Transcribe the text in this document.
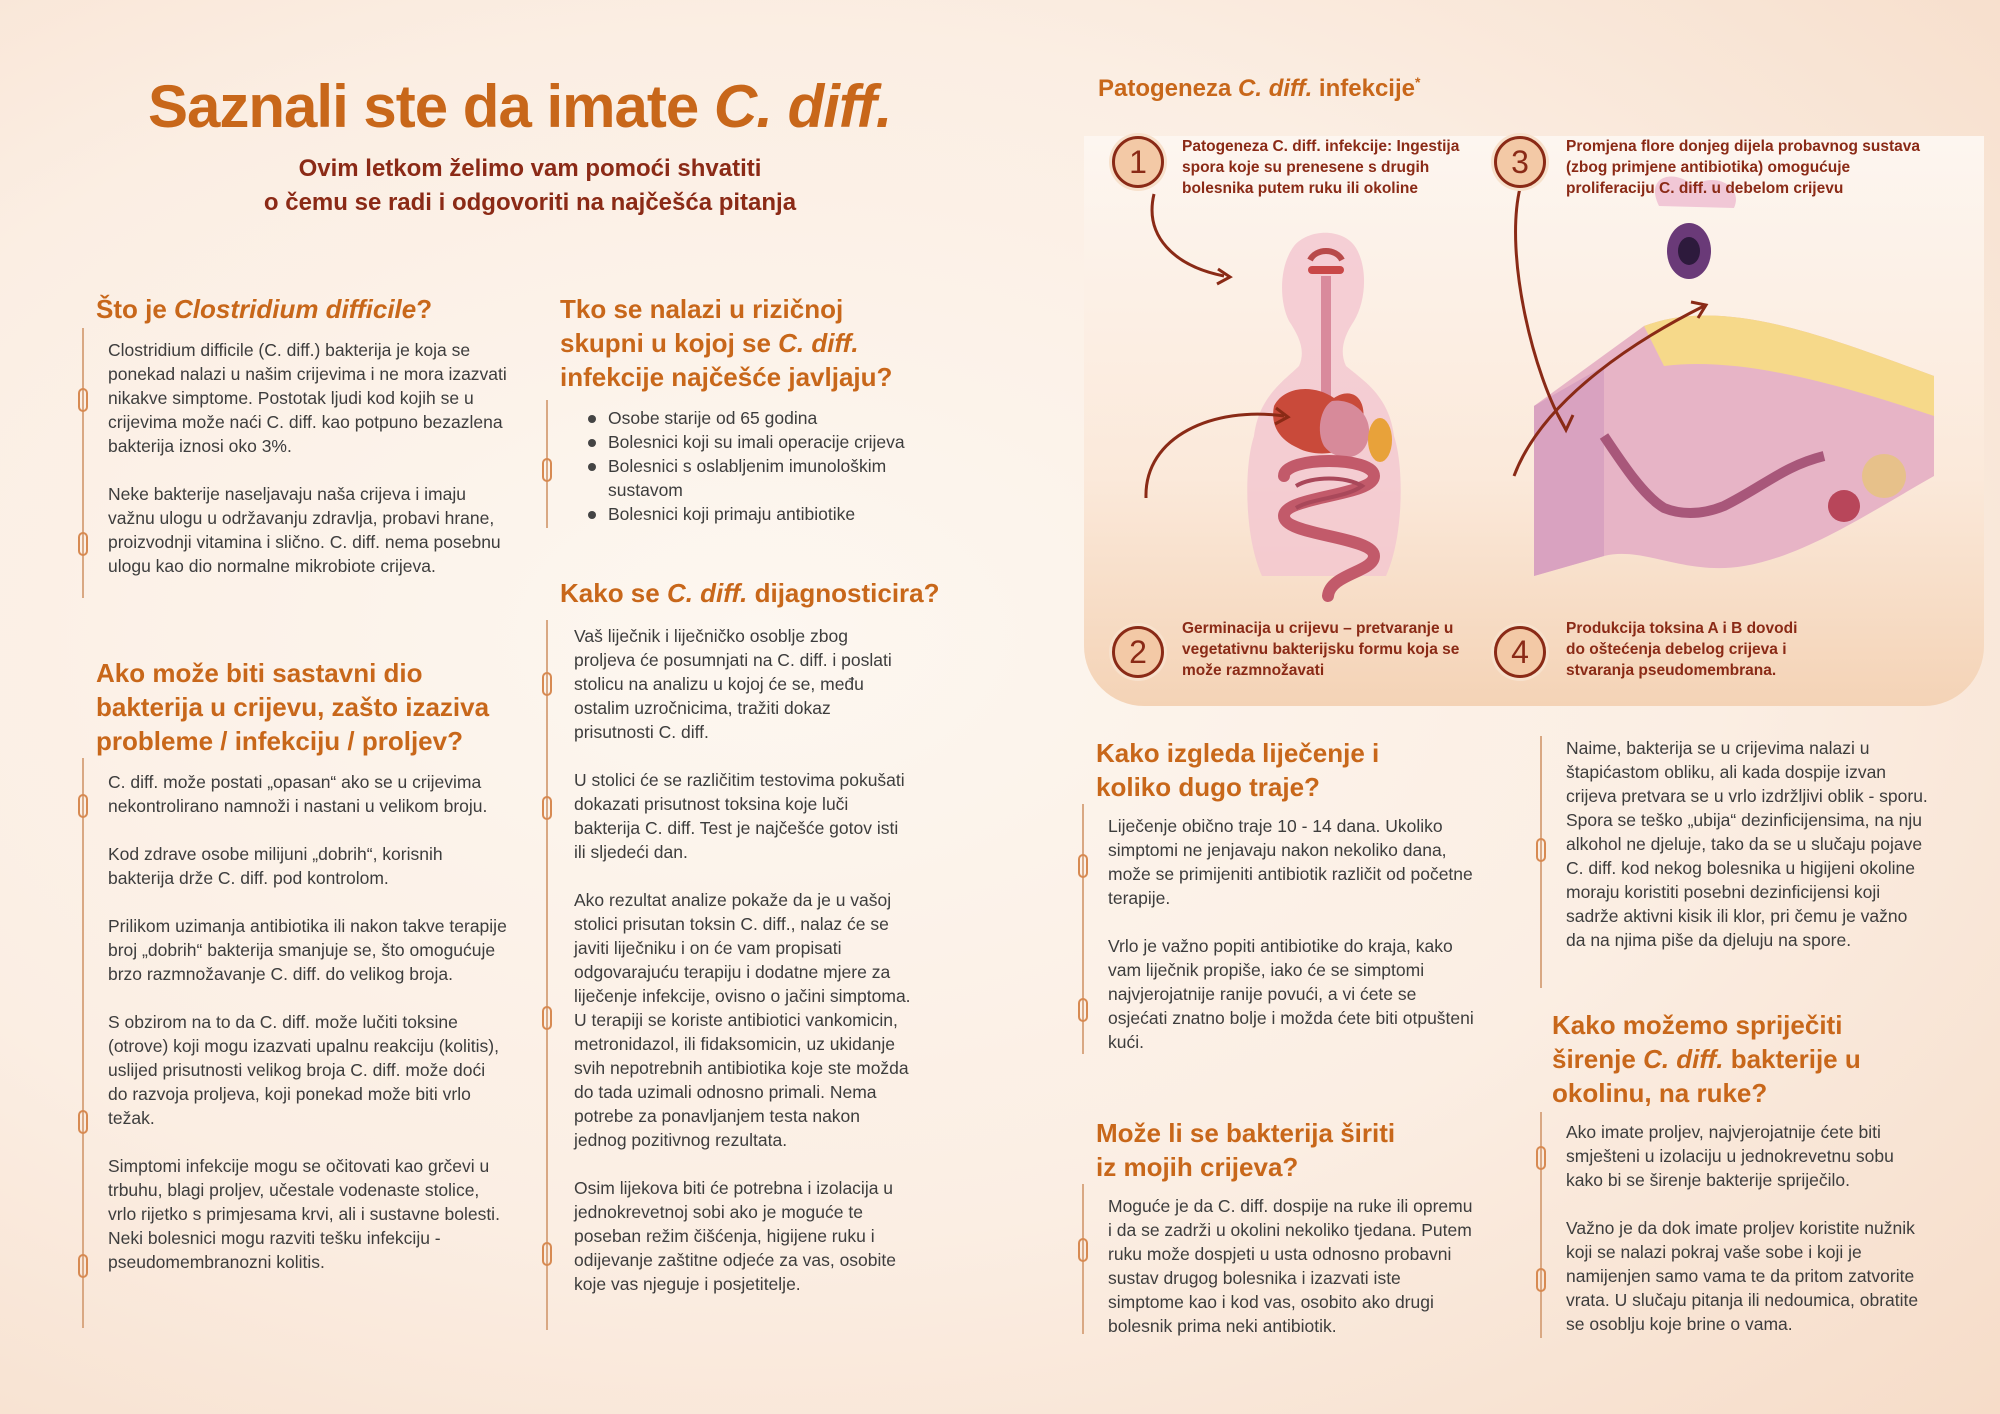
Saznali ste da imate C. diff.
Ovim letkom želimo vam pomoći shvatiti
o čemu se radi i odgovoriti na najčešća pitanja
Što je Clostridium difficile?

Clostridium difficile (C. diff.) bakterija je koja se ponekad nalazi u našim crijevima i ne mora izazvati nikakve simptome. Postotak ljudi kod kojih se u crijevima može naći C. diff. kao potpuno bezazlena bakterija iznosi oko 3%.

Neke bakterije naseljavaju naša crijeva i imaju važnu ulogu u održavanju zdravlja, probavi hrane, proizvodnji vitamina i slično. C. diff. nema posebnu ulogu kao dio normalne mikrobiote crijeva.

Ako može biti sastavni dio bakterija u crijevu, zašto izaziva probleme / infekciju / proljev?

C. diff. može postati „opasan“ ako se u crijevima nekontrolirano namnoži i nastani u velikom broju.

Kod zdrave osobe milijuni „dobrih“, korisnih bakterija drže C. diff. pod kontrolom.

Prilikom uzimanja antibiotika ili nakon takve terapije broj „dobrih“ bakterija smanjuje se, što omogućuje brzo razmnožavanje C. diff. do velikog broja.

S obzirom na to da C. diff. može lučiti toksine (otrove) koji mogu izazvati upalnu reakciju (kolitis), uslijed prisutnosti velikog broja C. diff. može doći do razvoja proljeva, koji ponekad može biti vrlo težak.

Simptomi infekcije mogu se očitovati kao grčevi u trbuhu, blagi proljev, učestale vodenaste stolice, vrlo rijetko s primjesama krvi, ali i sustavne bolesti. Neki bolesnici mogu razviti tešku infekciju - pseudomembranozni kolitis.

Tko se nalazi u rizičnoj skupni u kojoj se C. diff. infekcije najčešće javljaju?
Osobe starije od 65 godina
Bolesnici koji su imali operacije crijeva
Bolesnici s oslabljenim imunološkim sustavom
Bolesnici koji primaju antibiotike
Kako se C. diff. dijagnosticira?

Vaš liječnik i liječničko osoblje zbog proljeva će posumnjati na C. diff. i poslati stolicu na analizu u kojoj će se, među ostalim uzročnicima, tražiti dokaz prisutnosti C. diff.

U stolici će se različitim testovima pokušati dokazati prisutnost toksina koje luči bakterija C. diff. Test je najčešće gotov isti ili sljedeći dan.

Ako rezultat analize pokaže da je u vašoj stolici prisutan toksin C. diff., nalaz će se javiti liječniku i on će vam propisati odgovarajuću terapiju i dodatne mjere za liječenje infekcije, ovisno o jačini simptoma. U terapiji se koriste antibiotici vankomicin, metronidazol, ili fidaksomicin, uz ukidanje svih nepotrebnih antibiotika koje ste možda do tada uzimali odnosno primali. Nema potrebe za ponavljanjem testa nakon jednog pozitivnog rezultata.

Osim lijekova biti će potrebna i izolacija u jednokrevetnoj sobi ako je moguće te poseban režim čišćenja, higijene ruku i odijevanje zaštitne odjeće za vas, osobite koje vas njeguje i posjetitelje.

Patogeneza C. diff. infekcije*
1	Patogeneza C. diff. infekcije: Ingestija spora koje su prenesene s drugih bolesnika putem ruku ili okoline

2

Germinacija u crijevu – pretvaranje u vegetativnu bakterijsku formu koja se može razmnožavati

3	Promjena flore donjeg dijela probavnog sustava (zbog primjene antibiotika) omogućuje proliferaciju C. diff. u debelom crijevu

4

Produkcija toksina A i B dovodi do oštećenja debelog crijeva i stvaranja pseudomembrana.

Kako izgleda liječenje i koliko dugo traje?

Liječenje obično traje 10 - 14 dana. Ukoliko simptomi ne jenjavaju nakon nekoliko dana, može se primijeniti antibiotik različit od početne terapije.

Vrlo je važno popiti antibiotike do kraja, kako vam liječnik propiše, iako će se simptomi najvjerojatnije ranije povući, a vi ćete se osjećati znatno bolje i možda ćete biti otpušteni kući.

Može li se bakterija širiti iz mojih crijeva?

Moguće je da C. diff. dospije na ruke ili opremu i da se zadrži u okolini nekoliko tjedana. Putem ruku može dospjeti u usta odnosno probavni sustav drugog bolesnika i izazvati iste simptome kao i kod vas, osobito ako drugi bolesnik prima neki antibiotik.

Naime, bakterija se u crijevima nalazi u štapićastom obliku, ali kada dospije izvan crijeva pretvara se u vrlo izdržljivi oblik - sporu. Spora se teško „ubija“ dezinficijensima, na nju alkohol ne djeluje, tako da se u slučaju pojave C. diff. kod nekog bolesnika u higijeni okoline moraju koristiti posebni dezinficijensi koji sadrže aktivni kisik ili klor, pri čemu je važno da na njima piše da djeluju na spore.

Kako možemo spriječiti širenje C. diff. bakterije u okolinu, na ruke?

Ako imate proljev, najvjerojatnije ćete biti smješteni u izolaciju u jednokrevetnu sobu kako bi se širenje bakterije spriječilo.

Važno je da dok imate proljev koristite nužnik koji se nalazi pokraj vaše sobe i koji je namijenjen samo vama te da pritom zatvorite vrata. U slučaju pitanja ili nedoumica, obratite se osoblju koje brine o vama.
